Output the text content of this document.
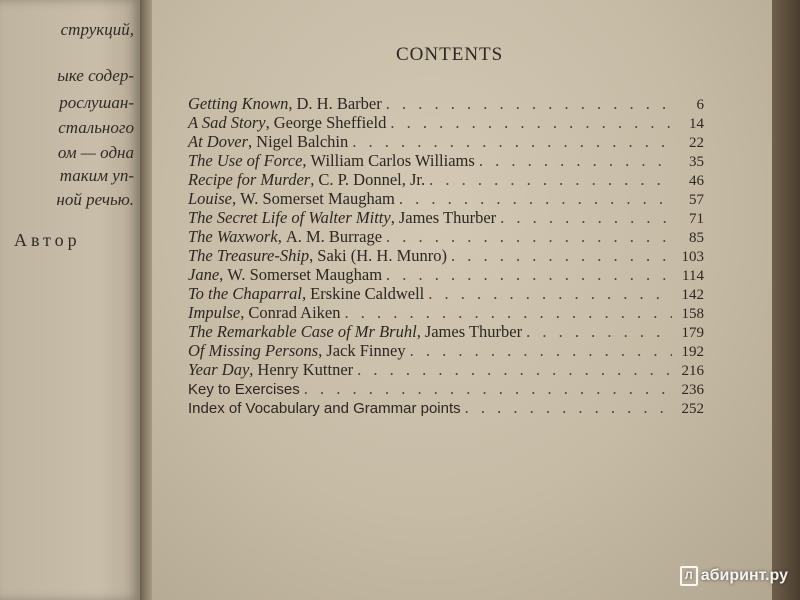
струкций,
ыке содер-
рослушан-
стального
ом — одна
таким уп-
ной речью.
Автор
CONTENTS
Getting Known , D. H. Barber . . .	6
A Sad Story , George Sheffield . . .	14
At Dover , Nigel Balchin . . .	22
The Use of Force , William Carlos Williams . . .	35
Recipe for Murder , C. P. Donnel, Jr. . . .	46
Louise , W. Somerset Maugham . . .	57
The Secret Life of Walter Mitty , James Thurber . . .	71
The Waxwork , A. M. Burrage . . .	85
The Treasure-Ship , Saki (H. H. Munro) . . .	103
Jane , W. Somerset Maugham . . .	114
To the Chaparral , Erskine Caldwell . . .	142
Impulse , Conrad Aiken . . .	158
The Remarkable Case of Mr Bruhl , James Thurber . . .	179
Of Missing Persons , Jack Finney . . .	192
Year Day , Henry Kuttner . . .	216
Key to Exercises . . .	236
Index of Vocabulary and Grammar points . . .	252
Л абиринт.ру
